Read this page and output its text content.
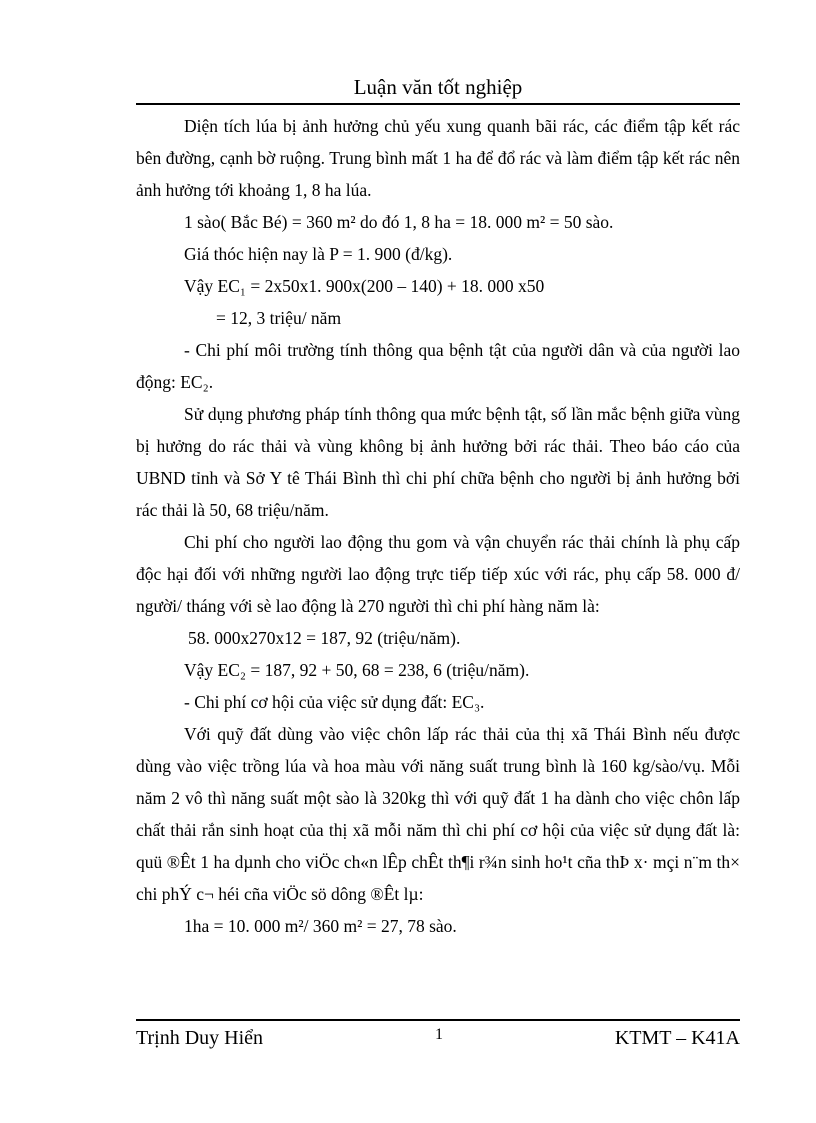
Luận văn tốt nghiệp

Diện tích lúa bị ảnh hưởng chủ yếu xung quanh bãi rác, các điểm tập kết rác bên đường, cạnh bờ ruộng. Trung bình mất 1 ha để đổ rác và làm điểm tập kết rác nên ảnh hưởng tới khoảng 1, 8 ha lúa.

1 sào( Bắc Bé) = 360 m² do đó 1, 8 ha = 18. 000 m² = 50 sào.

Giá thóc hiện nay là P = 1. 900 (đ/kg).

Vậy EC₁ = 2x50x1. 900x(200 – 140) + 18. 000 x50

= 12, 3 triệu/ năm

- Chi phí môi trường tính thông qua bệnh tật của người dân và của người lao động: EC₂.

Sử dụng phương pháp tính thông qua mức bệnh tật, số lần mắc bệnh giữa vùng bị hưởng do rác thải và vùng không bị ảnh hưởng bởi rác thải. Theo báo cáo của UBND tỉnh và Sở Y tê Thái Bình thì chi phí chữa bệnh cho người bị ảnh hưởng bởi rác thải là 50, 68 triệu/năm.

Chi phí cho người lao động thu gom và vận chuyển rác thải chính là phụ cấp độc hại đối với những người lao động trực tiếp tiếp xúc với rác, phụ cấp 58. 000 đ/ người/ tháng với sè lao động là 270 người thì chi phí hàng năm là:

58. 000x270x12 = 187, 92 (triệu/năm).

Vậy EC₂ = 187, 92 + 50, 68 = 238, 6 (triệu/năm).

- Chi phí cơ hội của việc sử dụng đất: EC₃.

Với quỹ đất dùng vào việc chôn lấp rác thải của thị xã Thái Bình nếu được dùng vào việc trồng lúa và hoa màu với năng suất trung bình là 160 kg/sào/vụ. Mỗi năm 2 vô thì năng suất một sào là 320kg thì với quỹ đất 1 ha dành cho việc chôn lấp chất thải rắn sinh hoạt của thị xã mỗi năm thì chi phí cơ hội của việc sử dụng đất là: quü ®Êt 1 ha dµnh cho viÖc ch«n lÊp chÊt th¶i r¾n sinh ho¹t cña thÞ x· mçi n¨m th× chi phÝ c¬ héi cña viÖc sö dông ®Êt lµ:

1ha = 10. 000 m²/ 360 m² = 27, 78 sào.

Trịnh Duy Hiển	1	KTMT – K41A
